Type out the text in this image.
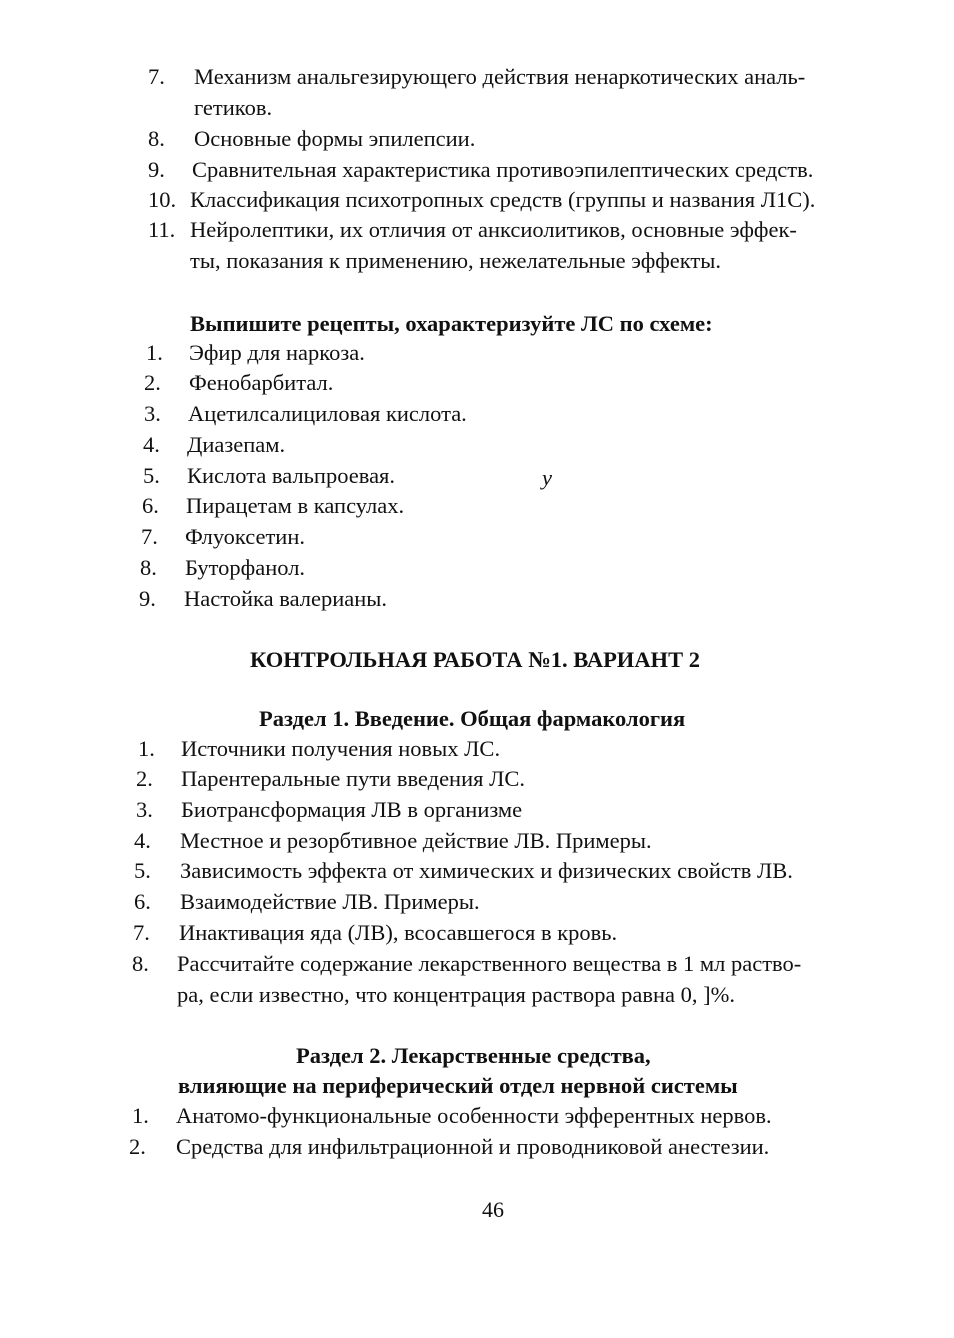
7. Механизм анальгезирующего действия ненаркотических аналь-
гетиков.
8. Основные формы эпилепсии.
9. Сравнительная характеристика противоэпилептических средств.
10. Классификация психотропных средств (группы и названия Л1С).
11. Нейролептики, их отличия от анксиолитиков, основные эффек-
ты, показания к применению, нежелательные эффекты.
Выпишите рецепты, охарактеризуйте ЛС по схеме:
1. Эфир для наркоза.
2. Фенобарбитал.
3. Ацетилсалициловая кислота.
4. Диазепам.
5. Кислота вальпроевая.	у
6. Пирацетам в капсулах.
7. Флуоксетин.
8. Буторфанол.
9. Настойка валерианы.
КОНТРОЛЬНАЯ РАБОТА №1. ВАРИАНТ 2
Раздел 1. Введение. Общая фармакология
1. Источники получения новых ЛС.
2. Парентеральные пути введения ЛС.
3. Биотрансформация ЛВ в организме
4. Местное и резорбтивное действие ЛВ. Примеры.
5. Зависимость эффекта от химических и физических свойств ЛВ.
6. Взаимодействие ЛВ. Примеры.
7. Инактивация яда (ЛВ), всосавшегося в кровь.
8. Рассчитайте содержание лекарственного вещества в 1 мл раство-
ра, если известно, что концентрация раствора равна 0, ]%.
Раздел 2. Лекарственные средства,
влияющие на периферический отдел нервной системы
1. Анатомо-функциональные особенности эфферентных нервов.
2. Средства для инфильтрационной и проводниковой анестезии.
46
